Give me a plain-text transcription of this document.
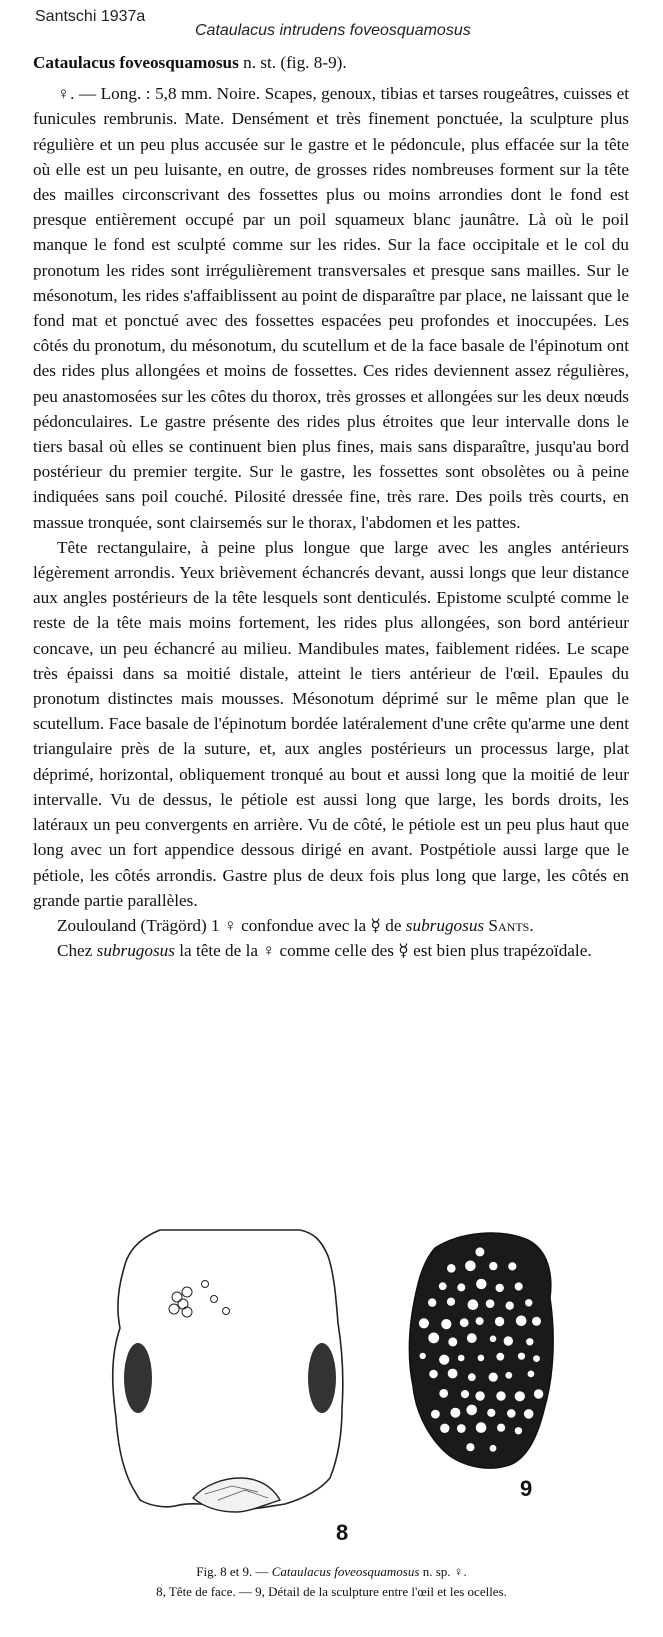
Santschi 1937a
Cataulacus intrudens foveosquamosus

Cataulacus foveosquamosus n. st. (fig. 8-9).

♀. — Long. : 5,8 mm. Noire. Scapes, genoux, tibias et tarses rougeâtres, cuisses et funicules rembrunis. Mate. Densément et très finement ponctuée, la sculpture plus régulière et un peu plus accusée sur le gastre et le pédoncule, plus effacée sur la tête où elle est un peu luisante, en outre, de grosses rides nombreuses forment sur la tête des mailles circonscrivant des fossettes plus ou moins arrondies dont le fond est presque entièrement occupé par un poil squameux blanc jaunâtre. Là où le poil manque le fond est sculpté comme sur les rides. Sur la face occipitale et le col du pronotum les rides sont irrégulièrement transversales et presque sans mailles. Sur le mésonotum, les rides s'affaiblissent au point de disparaître par place, ne laissant que le fond mat et ponctué avec des fossettes espacées peu profondes et inoccupées. Les côtés du pronotum, du mésonotum, du scutellum et de la face basale de l'épinotum ont des rides plus allongées et moins de fossettes. Ces rides deviennent assez régulières, peu anastomosées sur les côtes du thorox, très grosses et allongées sur les deux nœuds pédonculaires. Le gastre présente des rides plus étroites que leur intervalle dons le tiers basal où elles se continuent bien plus fines, mais sans disparaître, jusqu'au bord postérieur du premier tergite. Sur le gastre, les fossettes sont obsolètes ou à peine indiquées sans poil couché. Pilosité dressée fine, très rare. Des poils très courts, en massue tronquée, sont clairsemés sur le thorax, l'abdomen et les pattes.

Tête rectangulaire, à peine plus longue que large avec les angles antérieurs légèrement arrondis. Yeux brièvement échancrés devant, aussi longs que leur distance aux angles postérieurs de la tête lesquels sont denticulés. Epistome sculpté comme le reste de la tête mais moins fortement, les rides plus allongées, son bord antérieur concave, un peu échancré au milieu. Mandibules mates, faiblement ridées. Le scape très épaissi dans sa moitié distale, atteint le tiers antérieur de l'œil. Epaules du pronotum distinctes mais mousses. Mésonotum déprimé sur le même plan que le scutellum. Face basale de l'épinotum bordée latéralement d'une crête qu'arme une dent triangulaire près de la suture, et, aux angles postérieurs un processus large, plat déprimé, horizontal, obliquement tronqué au bout et aussi long que la moitié de leur intervalle. Vu de dessus, le pétiole est aussi long que large, les bords droits, les latéraux un peu convergents en arrière. Vu de côté, le pétiole est un peu plus haut que long avec un fort appendice dessous dirigé en avant. Postpétiole aussi large que le pétiole, les côtés arrondis. Gastre plus de deux fois plus long que large, les côtés en grande partie parallèles.

Zoulouland (Trägörd) 1 ♀ confondue avec la ☿ de subrugosus Sants.

Chez subrugosus la tête de la ♀ comme celle des ☿ est bien plus trapézoïdale.

8
9
Fig. 8 et 9. — Cataulacus foveosquamosus n. sp. ♀.
8, Tête de face. — 9, Détail de la sculpture entre l'œil et les ocelles.
